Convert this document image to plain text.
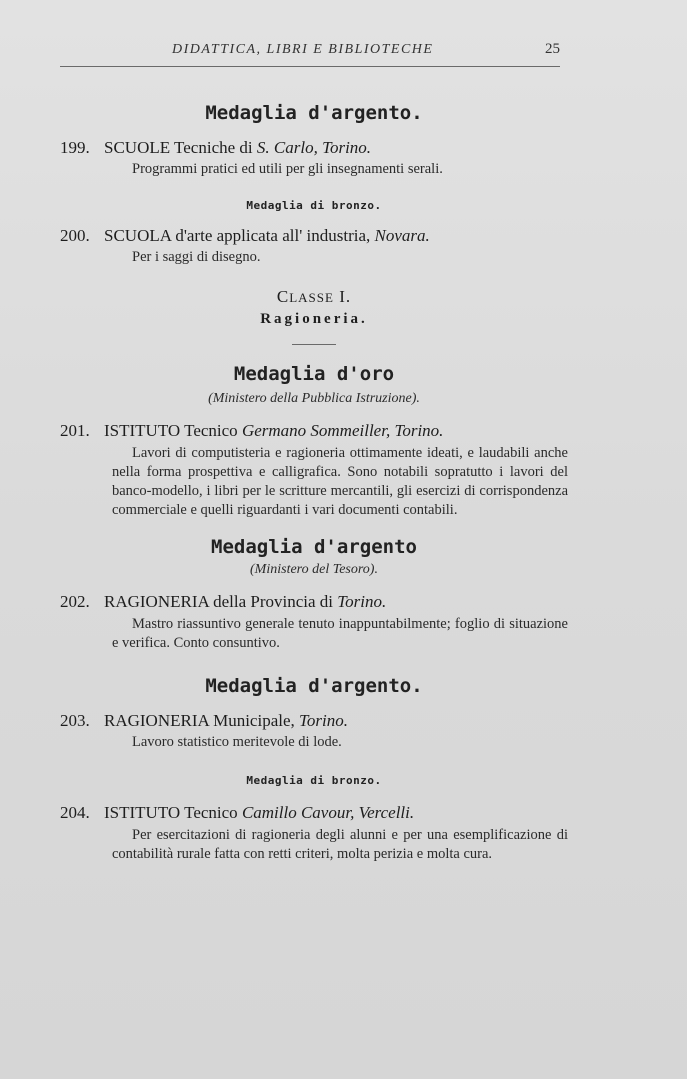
DIDATTICA, LIBRI E BIBLIOTECHE	25

Medaglia d'argento.

199. SCUOLE Tecniche di S. Carlo, Torino.

Programmi pratici ed utili per gli insegnamenti serali.

Medaglia di bronzo.

200. SCUOLA d'arte applicata all' industria, Novara.

Per i saggi di disegno.

CLASSE I.

Ragioneria.

Medaglia d'oro

(Ministero della Pubblica Istruzione).

201. ISTITUTO Tecnico Germano Sommeiller, Torino.

Lavori di computisteria e ragioneria ottimamente ideati, e laudabili anche nella forma prospettiva e calligrafica. Sono notabili sopratutto i lavori del banco-modello, i libri per le scritture mercantili, gli esercizi di corrispondenza commerciale e quelli riguardanti i vari documenti contabili.

Medaglia d'argento

(Ministero del Tesoro).

202. RAGIONERIA della Provincia di Torino.

Mastro riassuntivo generale tenuto inappuntabilmente; foglio di situazione e verifica. Conto consuntivo.

Medaglia d'argento.

203. RAGIONERIA Municipale, Torino.

Lavoro statistico meritevole di lode.

Medaglia di bronzo.

204. ISTITUTO Tecnico Camillo Cavour, Vercelli.

Per esercitazioni di ragioneria degli alunni e per una esemplificazione di contabilità rurale fatta con retti criteri, molta perizia e molta cura.
